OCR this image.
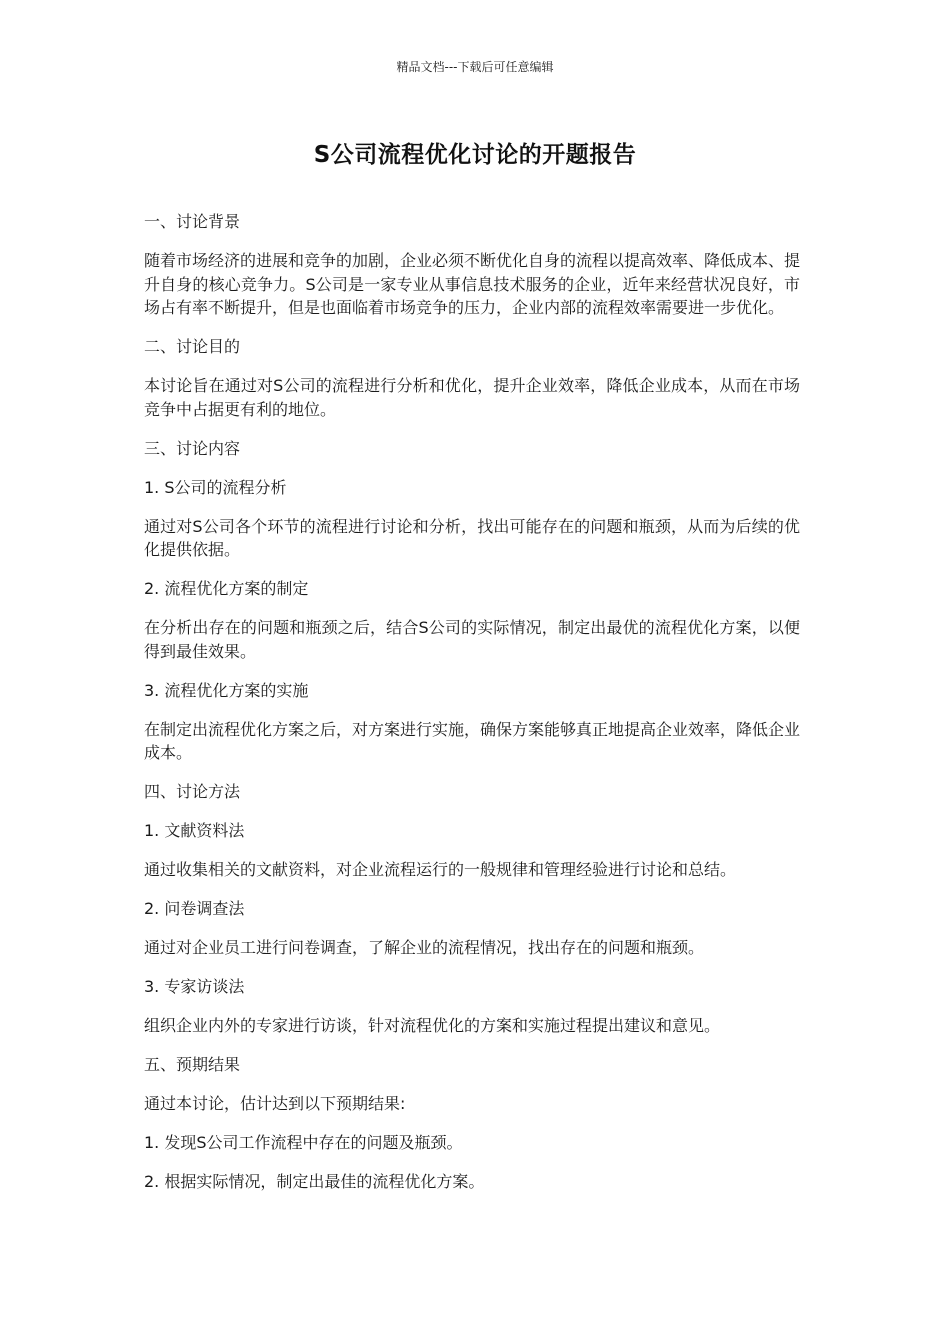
精品文档---下载后可任意编辑
S公司流程优化讨论的开题报告

一、讨论背景

随着市场经济的进展和竞争的加剧，企业必须不断优化自身的流程以提高效率、降低成本、提升自身的核心竞争力。S公司是一家专业从事信息技术服务的企业，近年来经营状况良好，市场占有率不断提升，但是也面临着市场竞争的压力，企业内部的流程效率需要进一步优化。

二、讨论目的

本讨论旨在通过对S公司的流程进行分析和优化，提升企业效率，降低企业成本，从而在市场竞争中占据更有利的地位。

三、讨论内容

1. S公司的流程分析

通过对S公司各个环节的流程进行讨论和分析，找出可能存在的问题和瓶颈，从而为后续的优化提供依据。

2. 流程优化方案的制定

在分析出存在的问题和瓶颈之后，结合S公司的实际情况，制定出最优的流程优化方案，以便得到最佳效果。

3. 流程优化方案的实施

在制定出流程优化方案之后，对方案进行实施，确保方案能够真正地提高企业效率，降低企业成本。

四、讨论方法

1. 文献资料法

通过收集相关的文献资料，对企业流程运行的一般规律和管理经验进行讨论和总结。

2. 问卷调查法

通过对企业员工进行问卷调查，了解企业的流程情况，找出存在的问题和瓶颈。

3. 专家访谈法

组织企业内外的专家进行访谈，针对流程优化的方案和实施过程提出建议和意见。

五、预期结果

通过本讨论，估计达到以下预期结果:

1. 发现S公司工作流程中存在的问题及瓶颈。

2. 根据实际情况，制定出最佳的流程优化方案。
